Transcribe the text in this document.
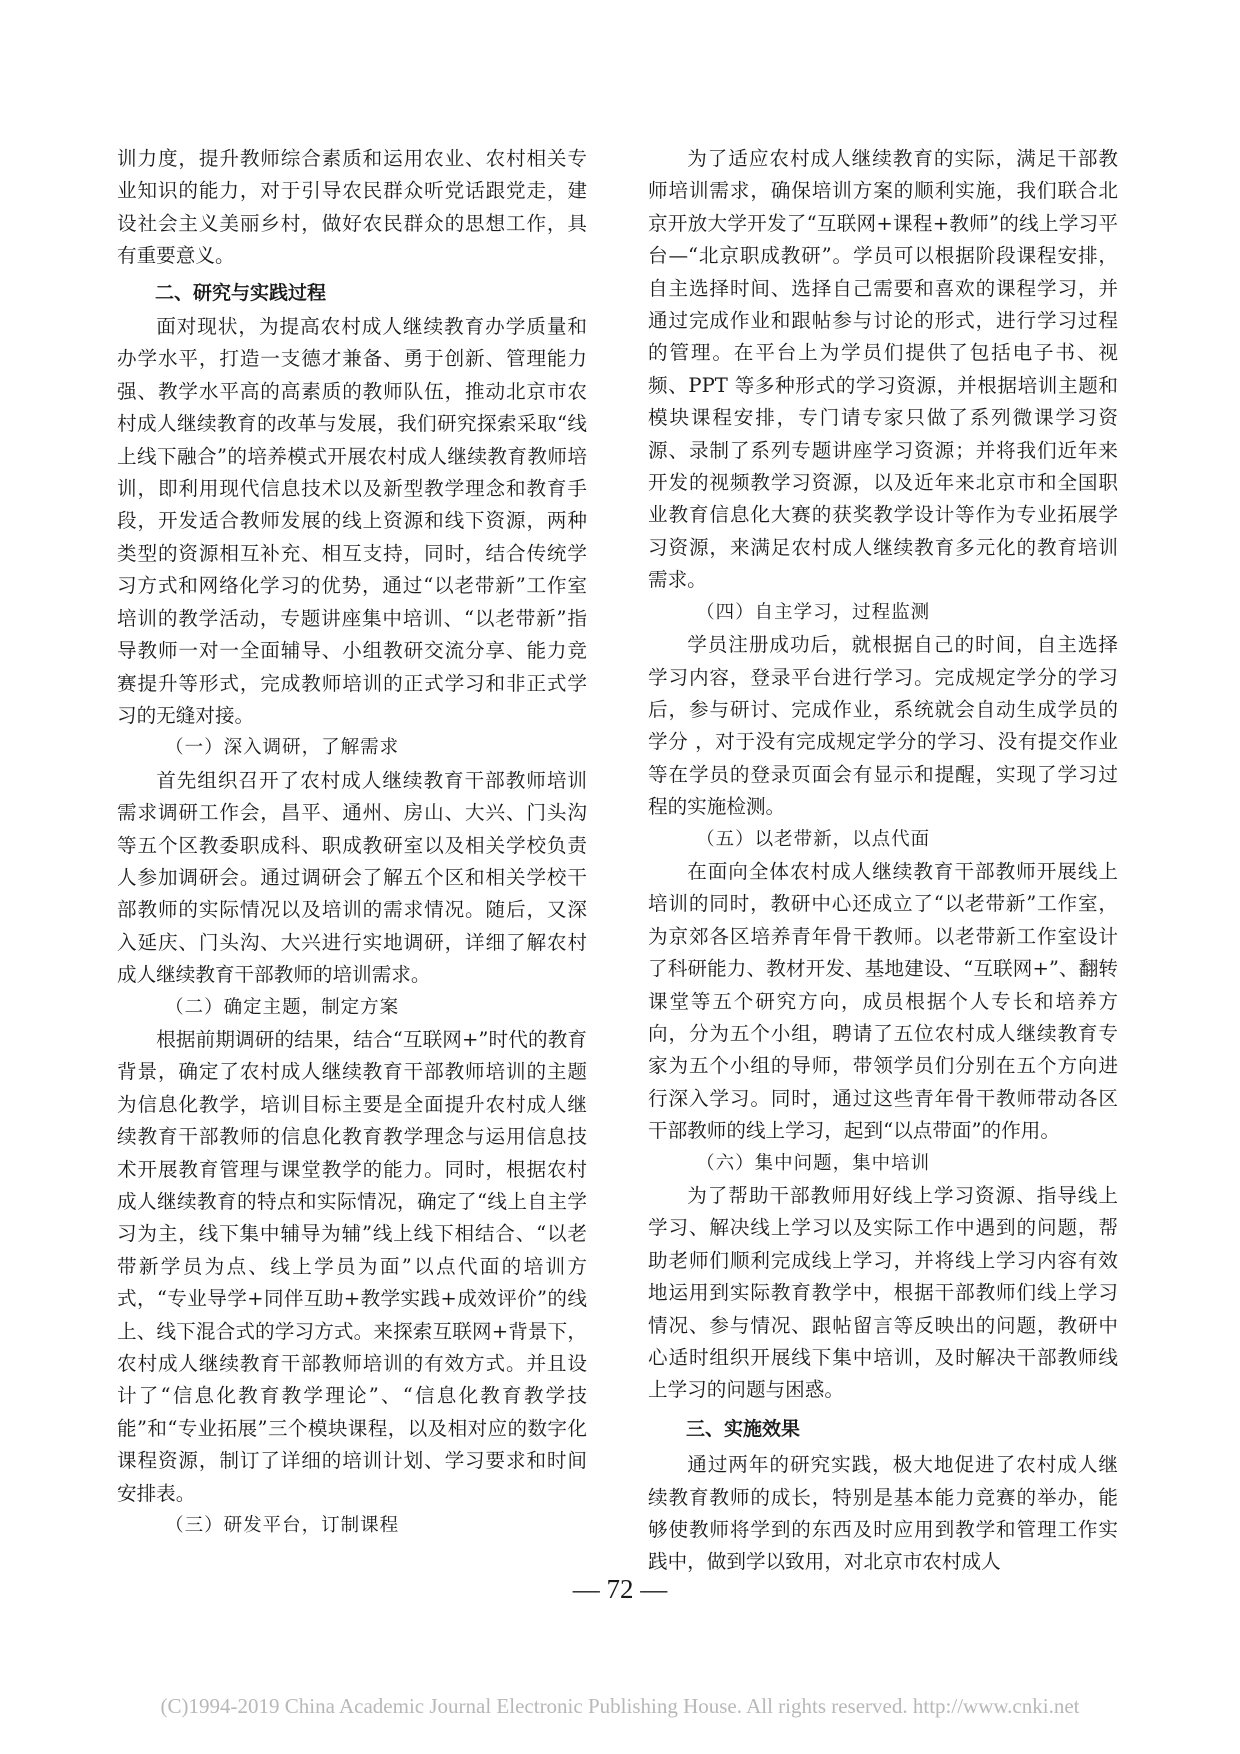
训力度，提升教师综合素质和运用农业、农村相关专业知识的能力，对于引导农民群众听党话跟党走，建设社会主义美丽乡村，做好农民群众的思想工作，具有重要意义。

二、研究与实践过程

面对现状，为提高农村成人继续教育办学质量和办学水平，打造一支德才兼备、勇于创新、管理能力强、教学水平高的高素质的教师队伍，推动北京市农村成人继续教育的改革与发展，我们研究探索采取“线上线下融合”的培养模式开展农村成人继续教育教师培训，即利用现代信息技术以及新型教学理念和教育手段，开发适合教师发展的线上资源和线下资源，两种类型的资源相互补充、相互支持，同时，结合传统学习方式和网络化学习的优势，通过“以老带新”工作室培训的教学活动，专题讲座集中培训、“以老带新”指导教师一对一全面辅导、小组教研交流分享、能力竞赛提升等形式，完成教师培训的正式学习和非正式学习的无缝对接。

（一）深入调研，了解需求

首先组织召开了农村成人继续教育干部教师培训需求调研工作会，昌平、通州、房山、大兴、门头沟等五个区教委职成科、职成教研室以及相关学校负责人参加调研会。通过调研会了解五个区和相关学校干部教师的实际情况以及培训的需求情况。随后，又深入延庆、门头沟、大兴进行实地调研，详细了解农村成人继续教育干部教师的培训需求。

（二）确定主题，制定方案

根据前期调研的结果，结合“互联网+”时代的教育背景，确定了农村成人继续教育干部教师培训的主题为信息化教学，培训目标主要是全面提升农村成人继续教育干部教师的信息化教育教学理念与运用信息技术开展教育管理与课堂教学的能力。同时，根据农村成人继续教育的特点和实际情况，确定了“线上自主学习为主，线下集中辅导为辅”线上线下相结合、“以老带新学员为点、线上学员为面”以点代面的培训方式，“专业导学+同伴互助+教学实践+成效评价”的线上、线下混合式的学习方式。来探索互联网+背景下，农村成人继续教育干部教师培训的有效方式。并且设计了“信息化教育教学理论”、“信息化教育教学技能”和“专业拓展”三个模块课程，以及相对应的数字化课程资源，制订了详细的培训计划、学习要求和时间安排表。

（三）研发平台，订制课程

为了适应农村成人继续教育的实际，满足干部教师培训需求，确保培训方案的顺利实施，我们联合北京开放大学开发了“互联网+课程+教师”的线上学习平台—“北京职成教研”。学员可以根据阶段课程安排，自主选择时间、选择自己需要和喜欢的课程学习，并通过完成作业和跟帖参与讨论的形式，进行学习过程的管理。在平台上为学员们提供了包括电子书、视频、PPT 等多种形式的学习资源，并根据培训主题和模块课程安排，专门请专家只做了系列微课学习资源、录制了系列专题讲座学习资源；并将我们近年来开发的视频教学习资源，以及近年来北京市和全国职业教育信息化大赛的获奖教学设计等作为专业拓展学习资源，来满足农村成人继续教育多元化的教育培训需求。

（四）自主学习，过程监测

学员注册成功后，就根据自己的时间，自主选择学习内容，登录平台进行学习。完成规定学分的学习后，参与研讨、完成作业，系统就会自动生成学员的学分 ，对于没有完成规定学分的学习、没有提交作业等在学员的登录页面会有显示和提醒，实现了学习过程的实施检测。

（五）以老带新，以点代面

在面向全体农村成人继续教育干部教师开展线上培训的同时，教研中心还成立了“以老带新”工作室，为京郊各区培养青年骨干教师。以老带新工作室设计了科研能力、教材开发、基地建设、“互联网+”、翻转课堂等五个研究方向，成员根据个人专长和培养方向，分为五个小组，聘请了五位农村成人继续教育专家为五个小组的导师，带领学员们分别在五个方向进行深入学习。同时，通过这些青年骨干教师带动各区干部教师的线上学习，起到“以点带面”的作用。

（六）集中问题，集中培训

为了帮助干部教师用好线上学习资源、指导线上学习、解决线上学习以及实际工作中遇到的问题，帮助老师们顺利完成线上学习，并将线上学习内容有效地运用到实际教育教学中，根据干部教师们线上学习情况、参与情况、跟帖留言等反映出的问题，教研中心适时组织开展线下集中培训，及时解决干部教师线上学习的问题与困惑。

三、实施效果

通过两年的研究实践，极大地促进了农村成人继续教育教师的成长，特别是基本能力竞赛的举办，能够使教师将学到的东西及时应用到教学和管理工作实践中，做到学以致用，对北京市农村成人

— 72 —
(C)1994-2019 China Academic Journal Electronic Publishing House. All rights reserved. http://www.cnki.net
